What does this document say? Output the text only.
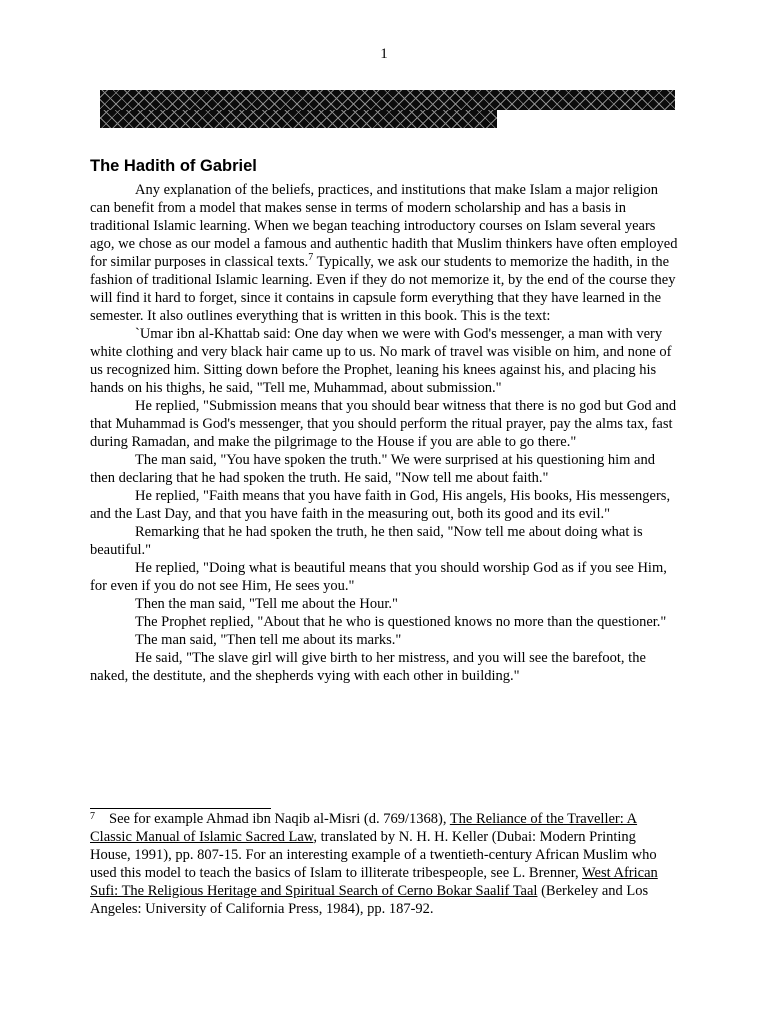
1
The Hadith of Gabriel

Any explanation of the beliefs, practices, and institutions that make Islam a major religion can benefit from a model that makes sense in terms of modern scholarship and has a basis in traditional Islamic learning. When we began teaching introductory courses on Islam several years ago, we chose as our model a famous and authentic hadith that Muslim thinkers have often employed for similar purposes in classical texts.$^7$ Typically, we ask our students to memorize the hadith, in the fashion of traditional Islamic learning. Even if they do not memorize it, by the end of the course they will find it hard to forget, since it contains in capsule form everything that they have learned in the semester. It also outlines everything that is written in this book. This is the text:

`Umar ibn al-Khattab said: One day when we were with God's messenger, a man with very white clothing and very black hair came up to us. No mark of travel was visible on him, and none of us recognized him. Sitting down before the Prophet, leaning his knees against his, and placing his hands on his thighs, he said, "Tell me, Muhammad, about submission."

He replied, "Submission means that you should bear witness that there is no god but God and that Muhammad is God's messenger, that you should perform the ritual prayer, pay the alms tax, fast during Ramadan, and make the pilgrimage to the House if you are able to go there."

The man said, "You have spoken the truth." We were surprised at his questioning him and then declaring that he had spoken the truth. He said, "Now tell me about faith."

He replied, "Faith means that you have faith in God, His angels, His books, His messengers, and the Last Day, and that you have faith in the measuring out, both its good and its evil."

Remarking that he had spoken the truth, he then said, "Now tell me about doing what is beautiful."

He replied, "Doing what is beautiful means that you should worship God as if you see Him, for even if you do not see Him, He sees you."

Then the man said, "Tell me about the Hour."

The Prophet replied, "About that he who is questioned knows no more than the questioner."

The man said, "Then tell me about its marks."

He said, "The slave girl will give birth to her mistress, and you will see the barefoot, the naked, the destitute, and the shepherds vying with each other in building."

$^7$ See for example Ahmad ibn Naqib al-Misri (d. 769/1368), The Reliance of the Traveller: A Classic Manual of Islamic Sacred Law, translated by N. H. H. Keller (Dubai: Modern Printing House, 1991), pp. 807-15. For an interesting example of a twentieth-century African Muslim who used this model to teach the basics of Islam to illiterate tribespeople, see L. Brenner, West African Sufi: The Religious Heritage and Spiritual Search of Cerno Bokar Saalif Taal (Berkeley and Los Angeles: University of California Press, 1984), pp. 187-92.
